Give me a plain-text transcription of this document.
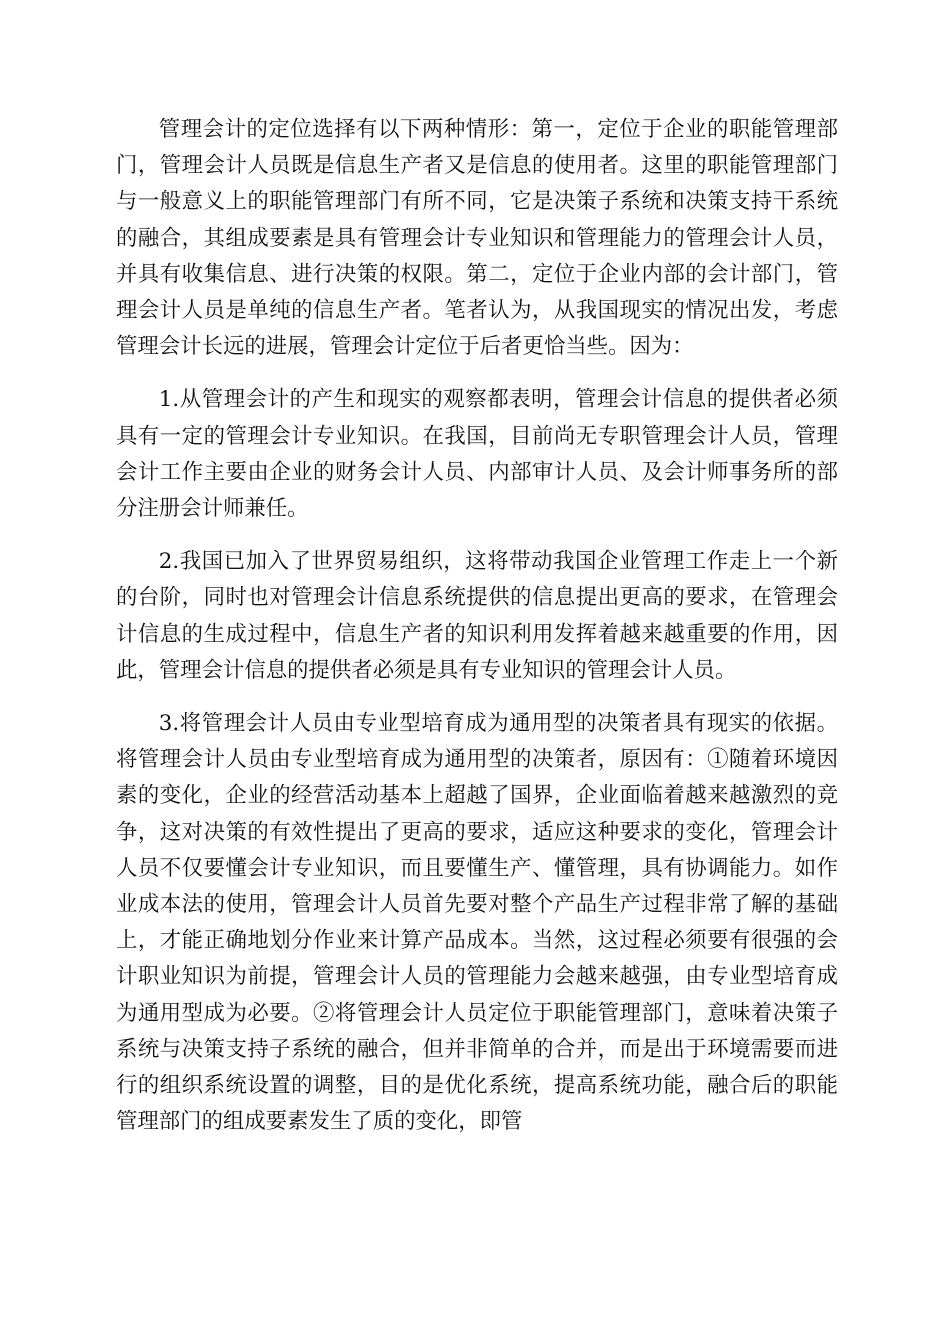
管理会计的定位选择有以下两种情形：第一，定位于企业的职能管理部门，管理会计人员既是信息生产者又是信息的使用者。这里的职能管理部门与一般意义上的职能管理部门有所不同，它是决策子系统和决策支持干系统的融合，其组成要素是具有管理会计专业知识和管理能力的管理会计人员，并具有收集信息、进行决策的权限。第二，定位于企业内部的会计部门，管理会计人员是单纯的信息生产者。笔者认为，从我国现实的情况出发，考虑管理会计长远的进展，管理会计定位于后者更恰当些。因为：

1.从管理会计的产生和现实的观察都表明，管理会计信息的提供者必须具有一定的管理会计专业知识。在我国，目前尚无专职管理会计人员，管理会计工作主要由企业的财务会计人员、内部审计人员、及会计师事务所的部分注册会计师兼任。

2.我国已加入了世界贸易组织，这将带动我国企业管理工作走上一个新的台阶，同时也对管理会计信息系统提供的信息提出更高的要求，在管理会计信息的生成过程中，信息生产者的知识利用发挥着越来越重要的作用，因此，管理会计信息的提供者必须是具有专业知识的管理会计人员。

3.将管理会计人员由专业型培育成为通用型的决策者具有现实的依据。将管理会计人员由专业型培育成为通用型的决策者，原因有：①随着环境因素的变化，企业的经营活动基本上超越了国界，企业面临着越来越激烈的竞争，这对决策的有效性提出了更高的要求，适应这种要求的变化，管理会计人员不仅要懂会计专业知识，而且要懂生产、懂管理，具有协调能力。如作业成本法的使用，管理会计人员首先要对整个产品生产过程非常了解的基础上，才能正确地划分作业来计算产品成本。当然，这过程必须要有很强的会计职业知识为前提，管理会计人员的管理能力会越来越强，由专业型培育成为通用型成为必要。②将管理会计人员定位于职能管理部门，意味着决策子系统与决策支持子系统的融合，但并非简单的合并，而是出于环境需要而进行的组织系统设置的调整，目的是优化系统，提高系统功能，融合后的职能管理部门的组成要素发生了质的变化，即管
